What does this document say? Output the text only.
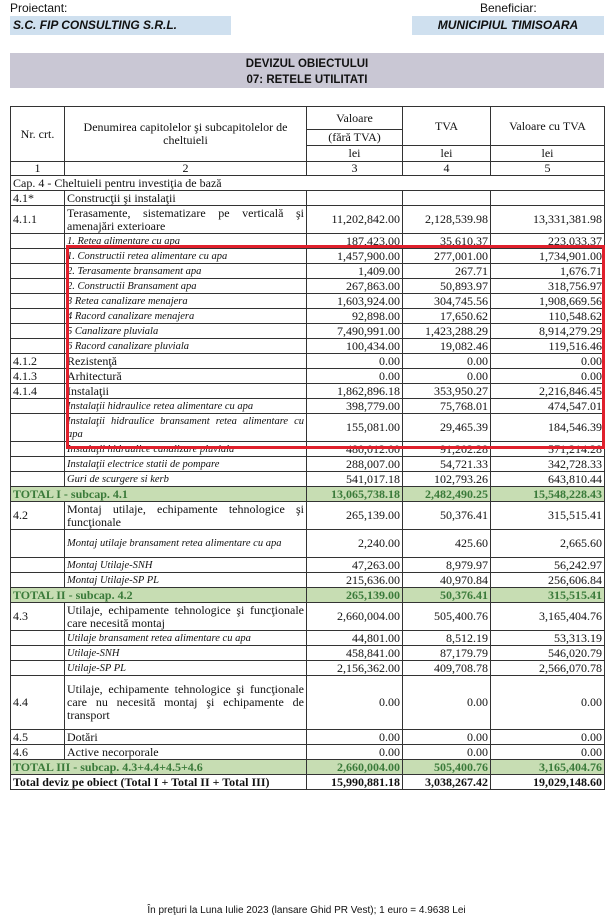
Proiectant:
S.C. FIP CONSULTING S.R.L.
Beneficiar:
MUNICIPIUL TIMISOARA
DEVIZUL OBIECTULUI
07: RETELE UTILITATI
Nr. crt.	Denumirea capitolelor şi subcapitolelor de cheltuieli	Valoare	TVA	Valoare cu TVA
		(fără TVA)		
		lei	lei	lei
1	2	3	4	5
Cap. 4 - Cheltuieli pentru investiţia de bază				
4.1*	Construcţii şi instalaţii			
4.1.1	Terasamente, sistematizare pe verticală şi amenajări exterioare	11,202,842.00	2,128,539.98	13,331,381.98
	1. Retea alimentare cu apa	187,423.00	35,610.37	223,033.37
	1. Constructii retea alimentare cu apa	1,457,900.00	277,001.00	1,734,901.00
	2. Terasamente bransament apa	1,409.00	267.71	1,676.71
	2. Constructii Bransament apa	267,863.00	50,893.97	318,756.97
	3 Retea canalizare menajera	1,603,924.00	304,745.56	1,908,669.56
	4 Racord canalizare menajera	92,898.00	17,650.62	110,548.62
	5 Canalizare pluviala	7,490,991.00	1,423,288.29	8,914,279.29
	6 Racord canalizare pluviala	100,434.00	19,082.46	119,516.46
4.1.2	Rezistenţă	0.00	0.00	0.00
4.1.3	Arhitectură	0.00	0.00	0.00
4.1.4	Instalaţii	1,862,896.18	353,950.27	2,216,846.45
	Instalaţii hidraulice retea alimentare cu apa	398,779.00	75,768.01	474,547.01
	Instalaţii hidraulice bransament retea alimentare cu apa	155,081.00	29,465.39	184,546.39
	Instalaţii hidraulice canalizare pluviala	480,012.00	91,202.28	571,214.28
	Instalaţii electrice statii de pompare	288,007.00	54,721.33	342,728.33
	Guri de scurgere si kerb	541,017.18	102,793.26	643,810.44
TOTAL I - subcap. 4.1		13,065,738.18	2,482,490.25	15,548,228.43
4.2	Montaj utilaje, echipamente tehnologice şi funcţionale	265,139.00	50,376.41	315,515.41
	Montaj utilaje bransament retea alimentare cu apa	2,240.00	425.60	2,665.60
	Montaj Utilaje-SNH	47,263.00	8,979.97	56,242.97
	Montaj Utilaje-SP PL	215,636.00	40,970.84	256,606.84
TOTAL II - subcap. 4.2		265,139.00	50,376.41	315,515.41
4.3	Utilaje, echipamente tehnologice şi funcţionale care necesită montaj	2,660,004.00	505,400.76	3,165,404.76
	Utilaje bransament retea alimentare cu apa	44,801.00	8,512.19	53,313.19
	Utilaje-SNH	458,841.00	87,179.79	546,020.79
	Utilaje-SP PL	2,156,362.00	409,708.78	2,566,070.78
4.4	Utilaje, echipamente tehnologice şi funcţionale care nu necesită montaj şi echipamente de transport	0.00	0.00	0.00
4.5	Dotări	0.00	0.00	0.00
4.6	Active necorporale	0.00	0.00	0.00
TOTAL III - subcap. 4.3+4.4+4.5+4.6		2,660,004.00	505,400.76	3,165,404.76
Total deviz pe obiect (Total I + Total II + Total III)		15,990,881.18	3,038,267.42	19,029,148.60
În preţuri la Luna Iulie 2023 (lansare Ghid PR Vest); 1 euro = 4.9638 Lei
